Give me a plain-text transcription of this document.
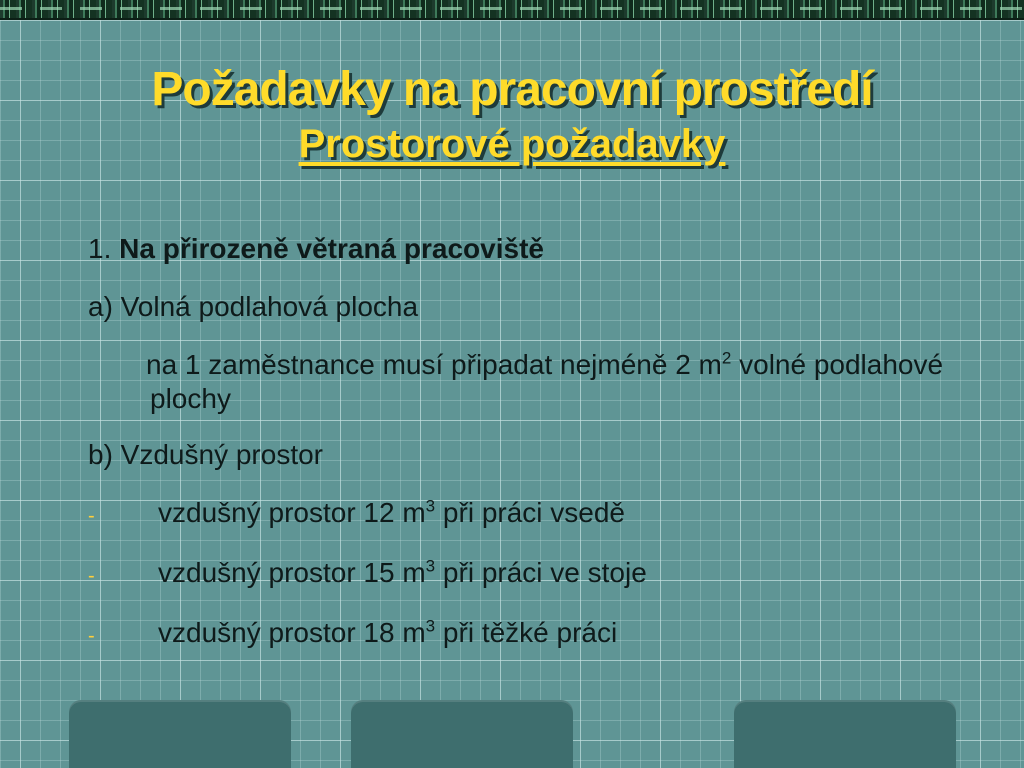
Požadavky na pracovní prostředí
Prostorové požadavky
1. Na přirozeně větraná pracoviště
a) Volná podlahová plocha
na 1 zaměstnance musí připadat nejméně 2 $m^2$ volné podlahové plochy
b) Vzdušný prostor
-	vzdušný prostor 12 $m^3$ při práci vsedě
-	vzdušný prostor 15 $m^3$ při práci ve stoje
-	vzdušný prostor 18 $m^3$ při těžké práci
